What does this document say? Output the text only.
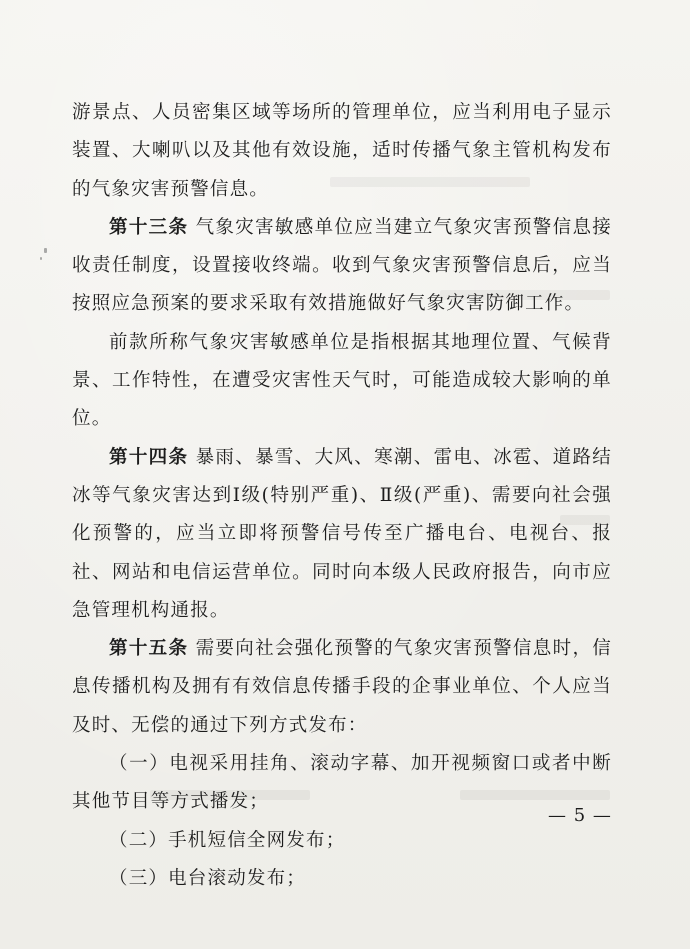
游景点、人员密集区域等场所的管理单位，应当利用电子显示装置、大喇叭以及其他有效设施，适时传播气象主管机构发布的气象灾害预警信息。

第十三条 气象灾害敏感单位应当建立气象灾害预警信息接收责任制度，设置接收终端。收到气象灾害预警信息后，应当按照应急预案的要求采取有效措施做好气象灾害防御工作。

前款所称气象灾害敏感单位是指根据其地理位置、气候背景、工作特性，在遭受灾害性天气时，可能造成较大影响的单位。

第十四条 暴雨、暴雪、大风、寒潮、雷电、冰雹、道路结冰等气象灾害达到Ⅰ级(特别严重)、Ⅱ级(严重)、需要向社会强化预警的，应当立即将预警信号传至广播电台、电视台、报社、网站和电信运营单位。同时向本级人民政府报告，向市应急管理机构通报。

第十五条 需要向社会强化预警的气象灾害预警信息时，信息传播机构及拥有有效信息传播手段的企事业单位、个人应当及时、无偿的通过下列方式发布：

（一）电视采用挂角、滚动字幕、加开视频窗口或者中断其他节目等方式播发；

（二）手机短信全网发布；

（三）电台滚动发布；

— 5 —
